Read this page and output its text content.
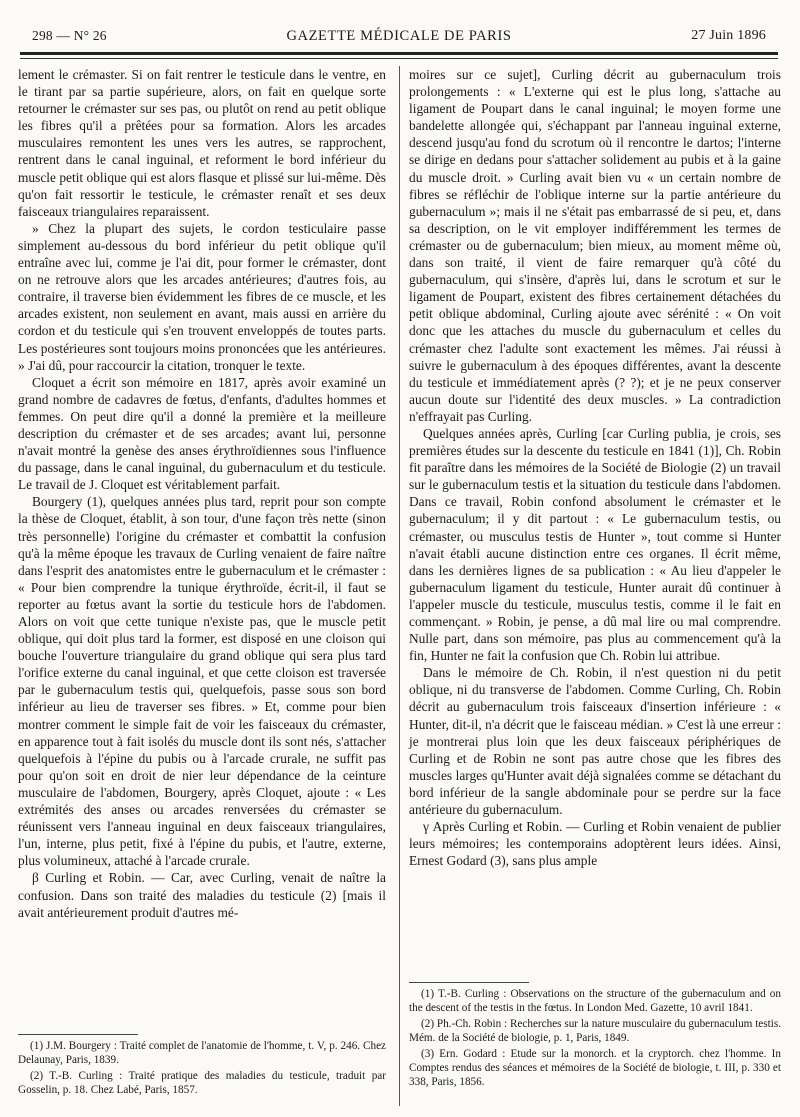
298 — N° 26	GAZETTE MÉDICALE DE PARIS	27 Juin 1896

lement le crémaster. Si on fait rentrer le testicule dans le ventre, en le tirant par sa partie supérieure, alors, on fait en quelque sorte retourner le crémaster sur ses pas, ou plutôt on rend au petit oblique les fibres qu'il a prêtées pour sa formation. Alors les arcades musculaires remontent les unes vers les autres, se rapprochent, rentrent dans le canal inguinal, et reforment le bord inférieur du muscle petit oblique qui est alors flasque et plissé sur lui-même. Dès qu'on fait ressortir le testicule, le crémaster renaît et ses deux faisceaux triangulaires reparaissent.

» Chez la plupart des sujets, le cordon testiculaire passe simplement au-dessous du bord inférieur du petit oblique qu'il entraîne avec lui, comme je l'ai dit, pour former le crémaster, dont on ne retrouve alors que les arcades antérieures; d'autres fois, au contraire, il traverse bien évidemment les fibres de ce muscle, et les arcades existent, non seulement en avant, mais aussi en arrière du cordon et du testicule qui s'en trouvent enveloppés de toutes parts. Les postérieures sont toujours moins prononcées que les antérieures. » J'ai dû, pour raccourcir la citation, tronquer le texte.

Cloquet a écrit son mémoire en 1817, après avoir examiné un grand nombre de cadavres de fœtus, d'enfants, d'adultes hommes et femmes. On peut dire qu'il a donné la première et la meilleure description du crémaster et de ses arcades; avant lui, personne n'avait montré la genèse des anses érythroïdiennes sous l'influence du passage, dans le canal inguinal, du gubernaculum et du testicule. Le travail de J. Cloquet est véritablement parfait.

Bourgery (1), quelques années plus tard, reprit pour son compte la thèse de Cloquet, établit, à son tour, d'une façon très nette (sinon très personnelle) l'origine du crémaster et combattit la confusion qu'à la même époque les travaux de Curling venaient de faire naître dans l'esprit des anatomistes entre le gubernaculum et le crémaster : « Pour bien comprendre la tunique érythroïde, écrit-il, il faut se reporter au fœtus avant la sortie du testicule hors de l'abdomen. Alors on voit que cette tunique n'existe pas, que le muscle petit oblique, qui doit plus tard la former, est disposé en une cloison qui bouche l'ouverture triangulaire du grand oblique qui sera plus tard l'orifice externe du canal inguinal, et que cette cloison est traversée par le gubernaculum testis qui, quelquefois, passe sous son bord inférieur au lieu de traverser ses fibres. » Et, comme pour bien montrer comment le simple fait de voir les faisceaux du crémaster, en apparence tout à fait isolés du muscle dont ils sont nés, s'attacher quelquefois à l'épine du pubis ou à l'arcade crurale, ne suffit pas pour qu'on soit en droit de nier leur dépendance de la ceinture musculaire de l'abdomen, Bourgery, après Cloquet, ajoute : « Les extrémités des anses ou arcades renversées du crémaster se réunissent vers l'anneau inguinal en deux faisceaux triangulaires, l'un, interne, plus petit, fixé à l'épine du pubis, et l'autre, externe, plus volumineux, attaché à l'arcade crurale.

β Curling et Robin. — Car, avec Curling, venait de naître la confusion. Dans son traité des maladies du testicule (2) [mais il avait antérieurement produit d'autres mé-

moires sur ce sujet], Curling décrit au gubernaculum trois prolongements : « L'externe qui est le plus long, s'attache au ligament de Poupart dans le canal inguinal; le moyen forme une bandelette allongée qui, s'échappant par l'anneau inguinal externe, descend jusqu'au fond du scrotum où il rencontre le dartos; l'interne se dirige en dedans pour s'attacher solidement au pubis et à la gaine du muscle droit. » Curling avait bien vu « un certain nombre de fibres se réfléchir de l'oblique interne sur la partie antérieure du gubernaculum »; mais il ne s'était pas embarrassé de si peu, et, dans sa description, on le vit employer indifféremment les termes de crémaster ou de gubernaculum; bien mieux, au moment même où, dans son traité, il vient de faire remarquer qu'à côté du gubernaculum, qui s'insère, d'après lui, dans le scrotum et sur le ligament de Poupart, existent des fibres certainement détachées du petit oblique abdominal, Curling ajoute avec sérénité : « On voit donc que les attaches du muscle du gubernaculum et celles du crémaster chez l'adulte sont exactement les mêmes. J'ai réussi à suivre le gubernaculum à des époques différentes, avant la descente du testicule et immédiatement après (? ?); et je ne peux conserver aucun doute sur l'identité des deux muscles. » La contradiction n'effrayait pas Curling.

Quelques années après, Curling [car Curling publia, je crois, ses premières études sur la descente du testicule en 1841 (1)], Ch. Robin fit paraître dans les mémoires de la Société de Biologie (2) un travail sur le gubernaculum testis et la situation du testicule dans l'abdomen. Dans ce travail, Robin confond absolument le crémaster et le gubernaculum; il y dit partout : « Le gubernaculum testis, ou crémaster, ou musculus testis de Hunter », tout comme si Hunter n'avait établi aucune distinction entre ces organes. Il écrit même, dans les dernières lignes de sa publication : « Au lieu d'appeler le gubernaculum ligament du testicule, Hunter aurait dû continuer à l'appeler muscle du testicule, musculus testis, comme il le fait en commençant. » Robin, je pense, a dû mal lire ou mal comprendre. Nulle part, dans son mémoire, pas plus au commencement qu'à la fin, Hunter ne fait la confusion que Ch. Robin lui attribue.

Dans le mémoire de Ch. Robin, il n'est question ni du petit oblique, ni du transverse de l'abdomen. Comme Curling, Ch. Robin décrit au gubernaculum trois faisceaux d'insertion inférieure : « Hunter, dit-il, n'a décrit que le faisceau médian. » C'est là une erreur : je montrerai plus loin que les deux faisceaux périphériques de Curling et de Robin ne sont pas autre chose que les fibres des muscles larges qu'Hunter avait déjà signalées comme se détachant du bord inférieur de la sangle abdominale pour se perdre sur la face antérieure du gubernaculum.

γ Après Curling et Robin. — Curling et Robin venaient de publier leurs mémoires; les contemporains adoptèrent leurs idées. Ainsi, Ernest Godard (3), sans plus ample

(1) J.M. Bourgery : Traité complet de l'anatomie de l'homme, t. V, p. 246. Chez Delaunay, Paris, 1839.

(2) T.-B. Curling : Traité pratique des maladies du testicule, traduit par Gosselin, p. 18. Chez Labé, Paris, 1857.

(1) T.-B. Curling : Observations on the structure of the gubernaculum and on the descent of the testis in the fœtus. In London Med. Gazette, 10 avril 1841.

(2) Ph.-Ch. Robin : Recherches sur la nature musculaire du gubernaculum testis. Mém. de la Société de biologie, p. 1, Paris, 1849.

(3) Ern. Godard : Etude sur la monorch. et la cryptorch. chez l'homme. In Comptes rendus des séances et mémoires de la Société de biologie, t. III, p. 330 et 338, Paris, 1856.
